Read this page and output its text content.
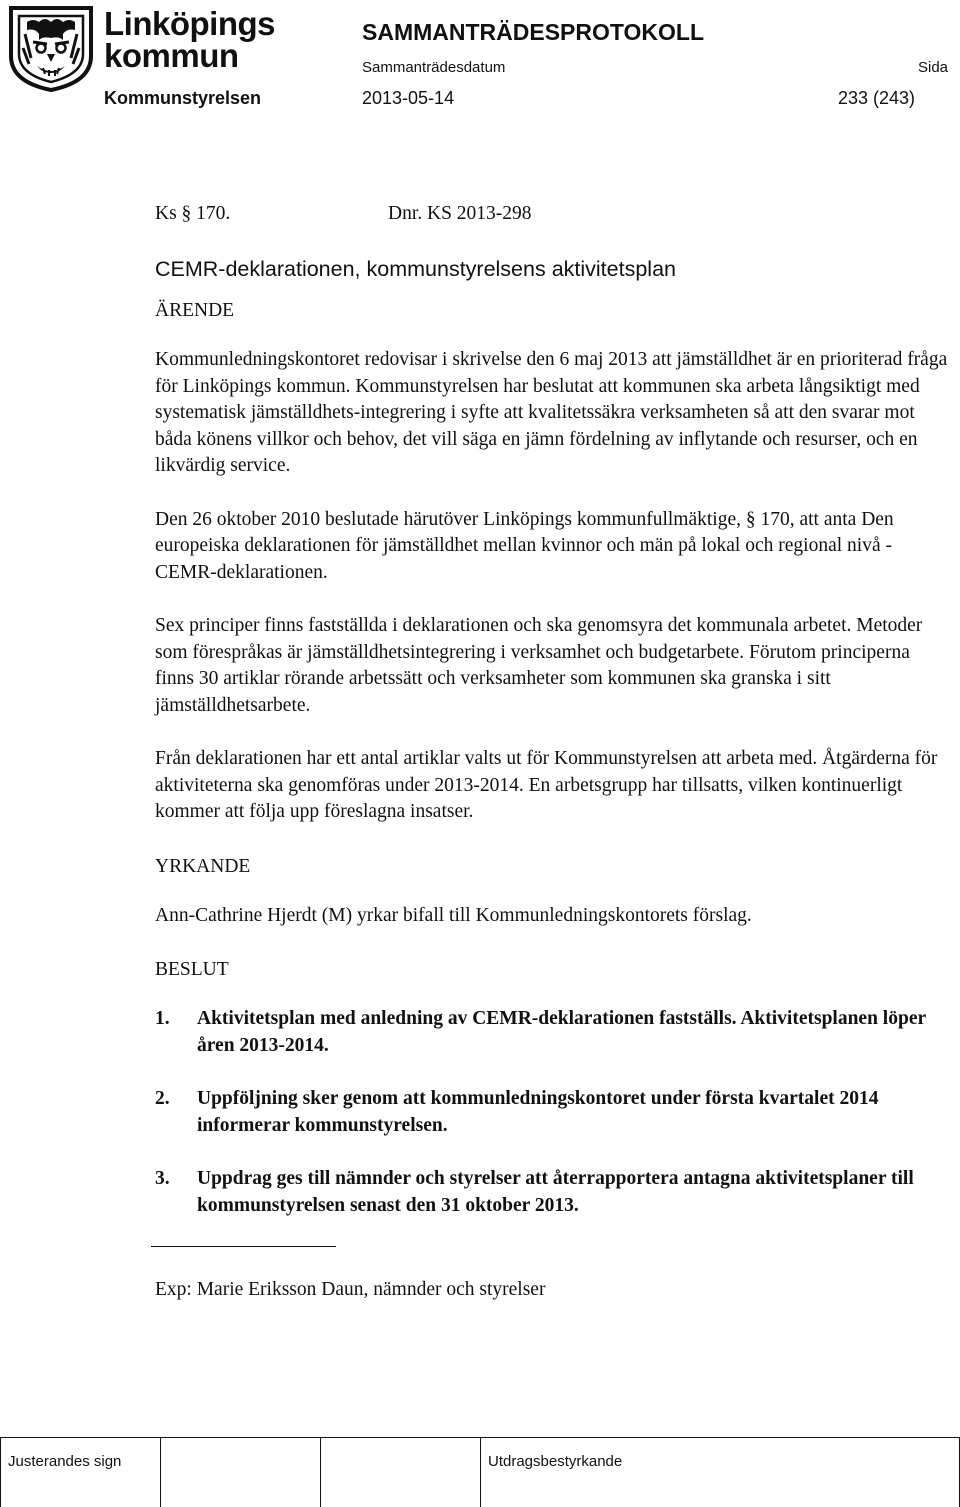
Linköpings
kommun
SAMMANTRÄDESPROTOKOLL
Sammanträdesdatum	Sida
Kommunstyrelsen	2013-05-14	233 (243)
Ks § 170.	Dnr. KS 2013-298
CEMR-deklarationen, kommunstyrelsens aktivitetsplan
ÄRENDE

Kommunledningskontoret redovisar i skrivelse den 6 maj 2013 att jämställdhet är en prioriterad fråga för Linköpings kommun. Kommunstyrelsen har beslutat att kommunen ska arbeta långsiktigt med systematisk jämställdhets-integrering i syfte att kvalitetssäkra verksamheten så att den svarar mot båda könens villkor och behov, det vill säga en jämn fördelning av inflytande och resurser, och en likvärdig service.

Den 26 oktober 2010 beslutade härutöver Linköpings kommunfullmäktige, § 170, att anta Den europeiska deklarationen för jämställdhet mellan kvinnor och män på lokal och regional nivå - CEMR-deklarationen.

Sex principer finns fastställda i deklarationen och ska genomsyra det kommunala arbetet. Metoder som förespråkas är jämställdhetsintegrering i verksamhet och budgetarbete. Förutom principerna finns 30 artiklar rörande arbetssätt och verksamheter som kommunen ska granska i sitt jämställdhetsarbete.

Från deklarationen har ett antal artiklar valts ut för Kommunstyrelsen att arbeta med. Åtgärderna för aktiviteterna ska genomföras under 2013-2014. En arbetsgrupp har tillsatts, vilken kontinuerligt kommer att följa upp föreslagna insatser.

YRKANDE

Ann-Cathrine Hjerdt (M) yrkar bifall till Kommunledningskontorets förslag.

BESLUT
1.	Aktivitetsplan med anledning av CEMR-deklarationen fastställs. Aktivitetsplanen löper åren 2013-2014.
2.	Uppföljning sker genom att kommunledningskontoret under första kvartalet 2014 informerar kommunstyrelsen.
3.	Uppdrag ges till nämnder och styrelser att återrapportera antagna aktivitetsplaner till kommunstyrelsen senast den 31 oktober 2013.

Exp: Marie Eriksson Daun, nämnder och styrelser

Justerandes sign	Utdragsbestyrkande
